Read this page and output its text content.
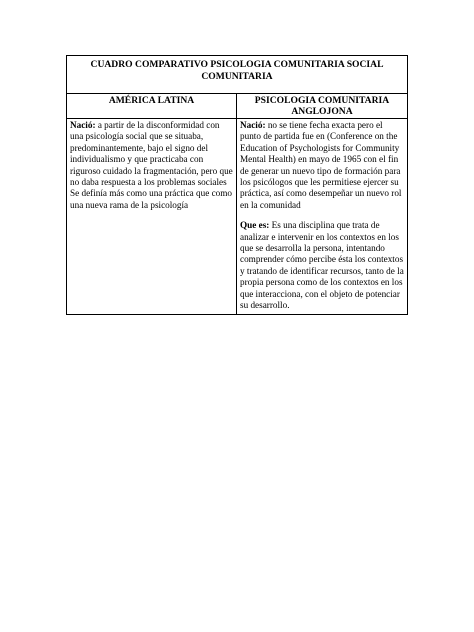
CUADRO COMPARATIVO PSICOLOGIA COMUNITARIA SOCIAL COMUNITARIA
AMÉRICA LATINA	PSICOLOGIA COMUNITARIA ANGLOJONA

Nació: a partir de la disconformidad con una psicología social que se situaba, predominantemente, bajo el signo del individualismo y que practicaba con riguroso cuidado la fragmentación, pero que no daba respuesta a los problemas sociales

Se definía más como una práctica que como una nueva rama de la psicología

Nació: no se tiene fecha exacta pero el punto de partida fue en (Conference on the Education of Psychologists for Community Mental Health) en mayo de 1965 con el fin de generar un nuevo tipo de formación para los psicólogos que les permitiese ejercer su práctica, así como desempeñar un nuevo rol en la comunidad

Que es: Es una disciplina que trata de analizar e intervenir en los contextos en los que se desarrolla la persona, intentando comprender cómo percibe ésta los contextos y tratando de identificar recursos, tanto de la propia persona como de los contextos en los que interacciona, con el objeto de potenciar su desarrollo.
